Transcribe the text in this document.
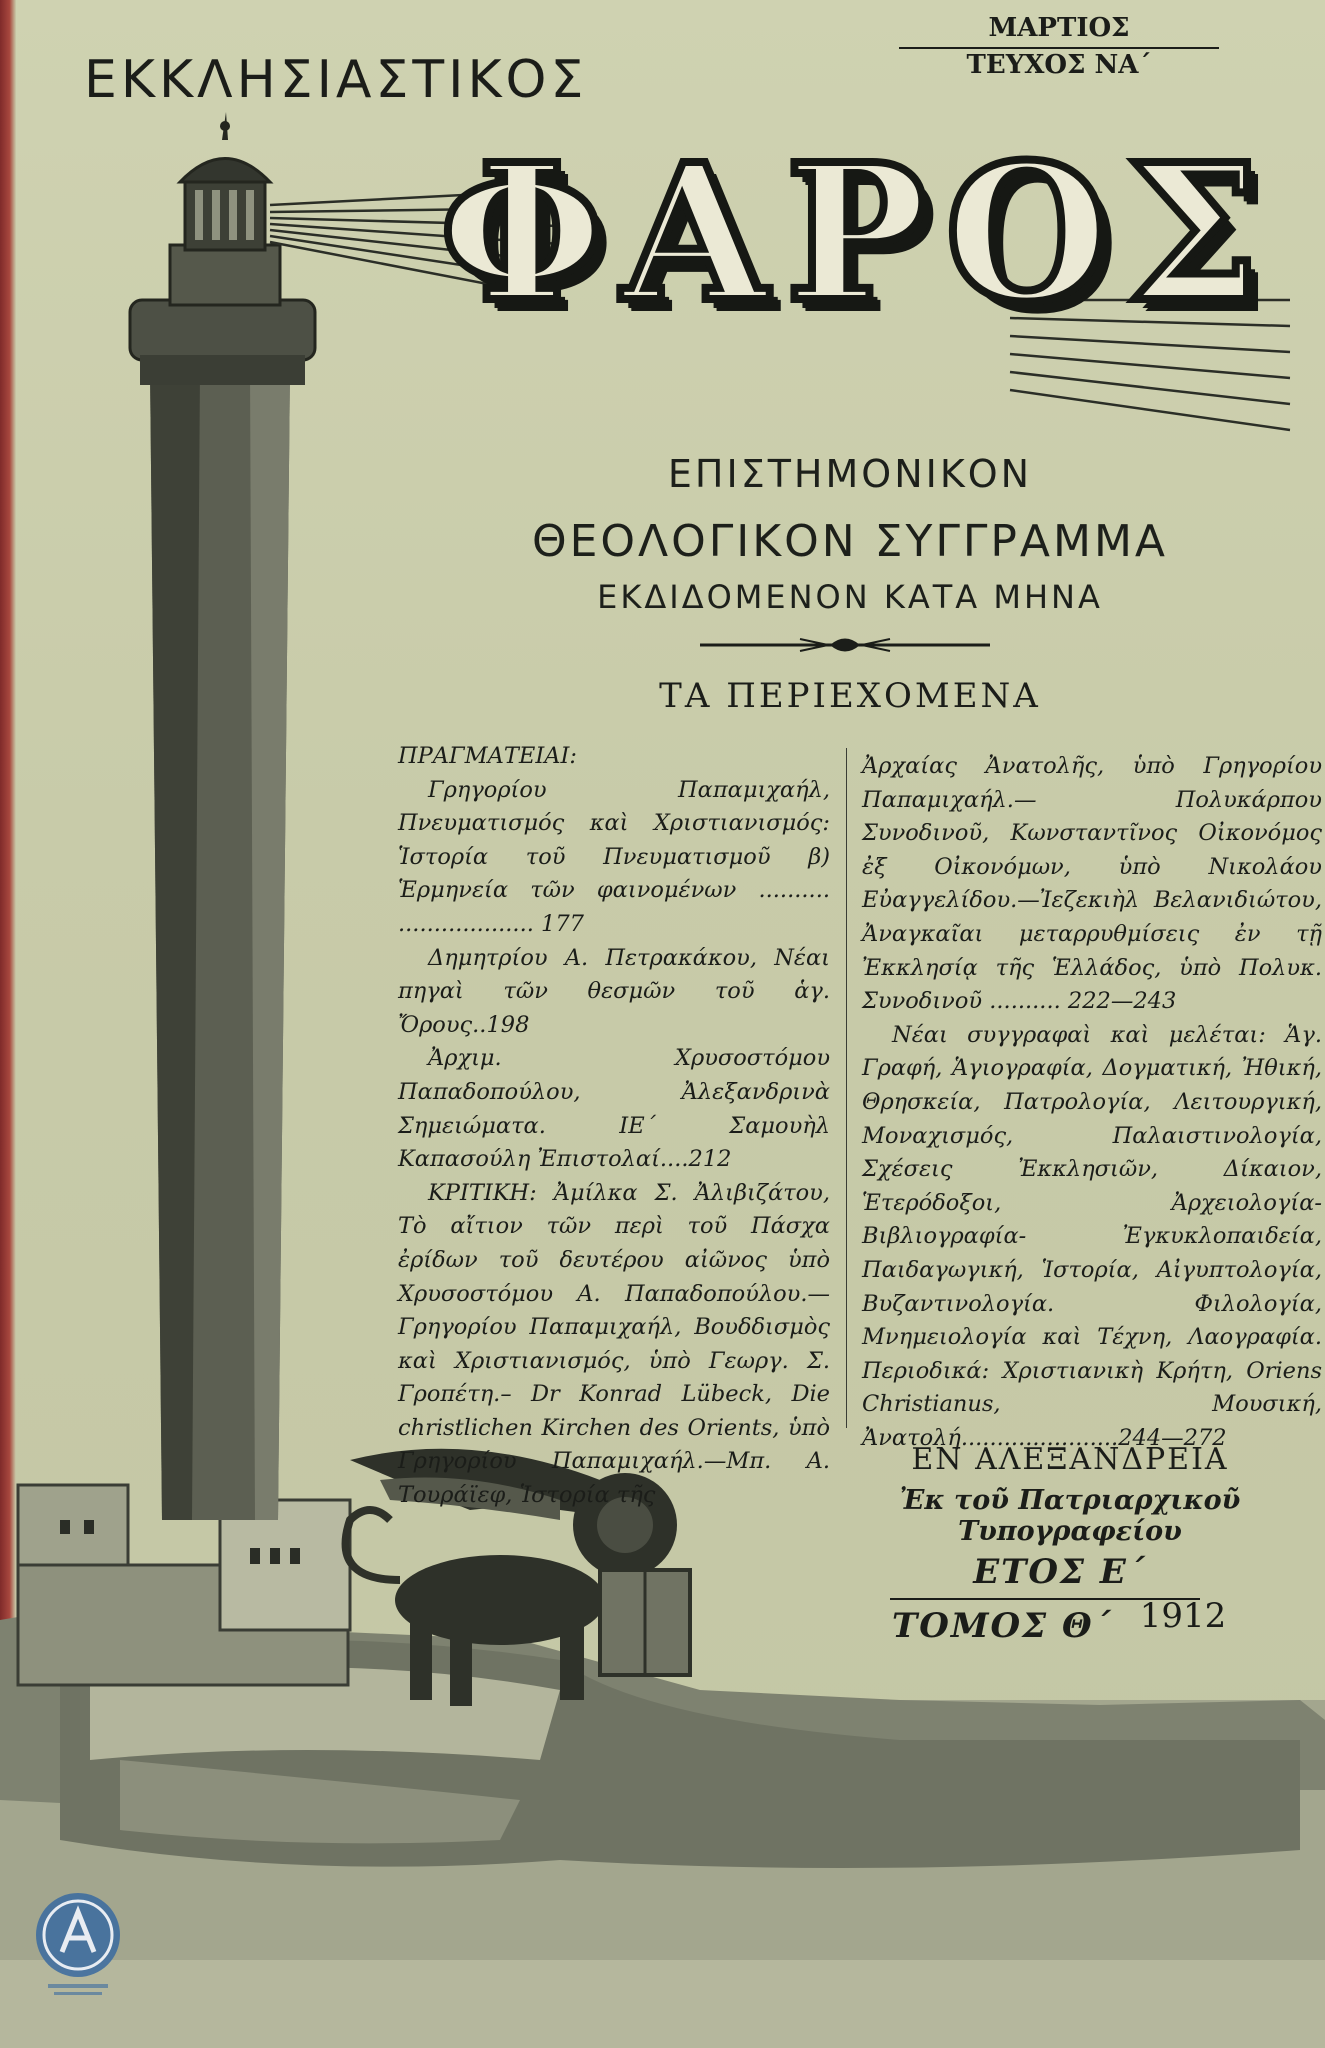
ΜΑΡΤΙΟΣ
ΤΕΥΧΟΣ ΝΑ΄
ΕΚΚΛΗΣΙΑΣΤΙΚΟΣ
ΦΑΡΟΣ
ΕΠΙΣΤΗΜΟΝΙΚΟΝ
ΘΕΟΛΟΓΙΚΟΝ ΣΥΓΓΡΑΜΜΑ
ΕΚΔΙΔΟΜΕΝΟΝ ΚΑΤΑ ΜΗΝΑ
ΤΑ ΠΕΡΙΕΧΟΜΕΝΑ

ΠΡΑΓΜΑΤΕΙΑΙ:

Γρηγορίου Παπαμιχαήλ, Πνευματισμός καὶ Χριστιανισμός: Ἱστορία τοῦ Πνευματισμοῦ β) Ἑρμηνεία τῶν φαινομένων .......... ................... 177

Δημητρίου Α. Πετρακάκου, Νέαι πηγαὶ τῶν θεσμῶν τοῦ ἁγ. Ὄρους..198

Ἀρχιμ. Χρυσοστόμου Παπαδοπούλου, Ἀλεξανδρινὰ Σημειώματα. ΙΕ΄ Σαμουὴλ Καπασούλη Ἐπιστολαί....212

ΚΡΙΤΙΚΗ: Ἀμίλκα Σ. Ἀλιβιζάτου, Τὸ αἴτιον τῶν περὶ τοῦ Πάσχα ἐρίδων τοῦ δευτέρου αἰῶνος ὑπὸ Χρυσοστόμου Α. Παπαδοπούλου.— Γρηγορίου Παπαμιχαήλ, Βουδδισμὸς καὶ Χριστιανισμός, ὑπὸ Γεωργ. Σ. Γροπέτη.– Dr Konrad Lübeck, Die christlichen Kirchen des Orients, ὑπὸ Γρηγορίου Παπαμιχαήλ.—Μπ. Α. Τουράϊεφ, Ἱστορία τῆς

Ἀρχαίας Ἀνατολῆς, ὑπὸ Γρηγορίου Παπαμιχαήλ.— Πολυκάρπου Συνοδινοῦ, Κωνσταντῖνος Οἰκονόμος ἐξ Οἰκονόμων, ὑπὸ Νικολάου Εὐαγγελίδου.—Ἰεζεκιὴλ Βελανιδιώτου, Ἀναγκαῖαι μεταρρυθμίσεις ἐν τῇ Ἐκκλησίᾳ τῆς Ἑλλάδος, ὑπὸ Πολυκ. Συνοδινοῦ .......... 222—243

Νέαι συγγραφαὶ καὶ μελέται: Ἁγ. Γραφή, Ἁγιογραφία, Δογματική, Ἠθική, Θρησκεία, Πατρολογία, Λειτουργική, Μοναχισμός, Παλαιστινολογία, Σχέσεις Ἐκκλησιῶν, Δίκαιον, Ἑτερόδοξοι, Ἀρχειολογία- Βιβλιογραφία- Ἐγκυκλοπαιδεία, Παιδαγωγική, Ἱστορία, Αἰγυπτολογία, Βυζαντινολογία. Φιλολογία, Μνημειολογία καὶ Τέχνη, Λαογραφία. Περιοδικά: Χριστιανικὴ Κρήτη, Oriens Christianus, Μουσική, Ἀνατολή......................244—272

ΕΝ ΑΛΕΞΑΝΔΡΕΙΑ
Ἐκ τοῦ Πατριαρχικοῦ Τυπογραφείου
ΕΤΟΣ Ε΄
ΤΟΜΟΣ Θ΄ 1912
